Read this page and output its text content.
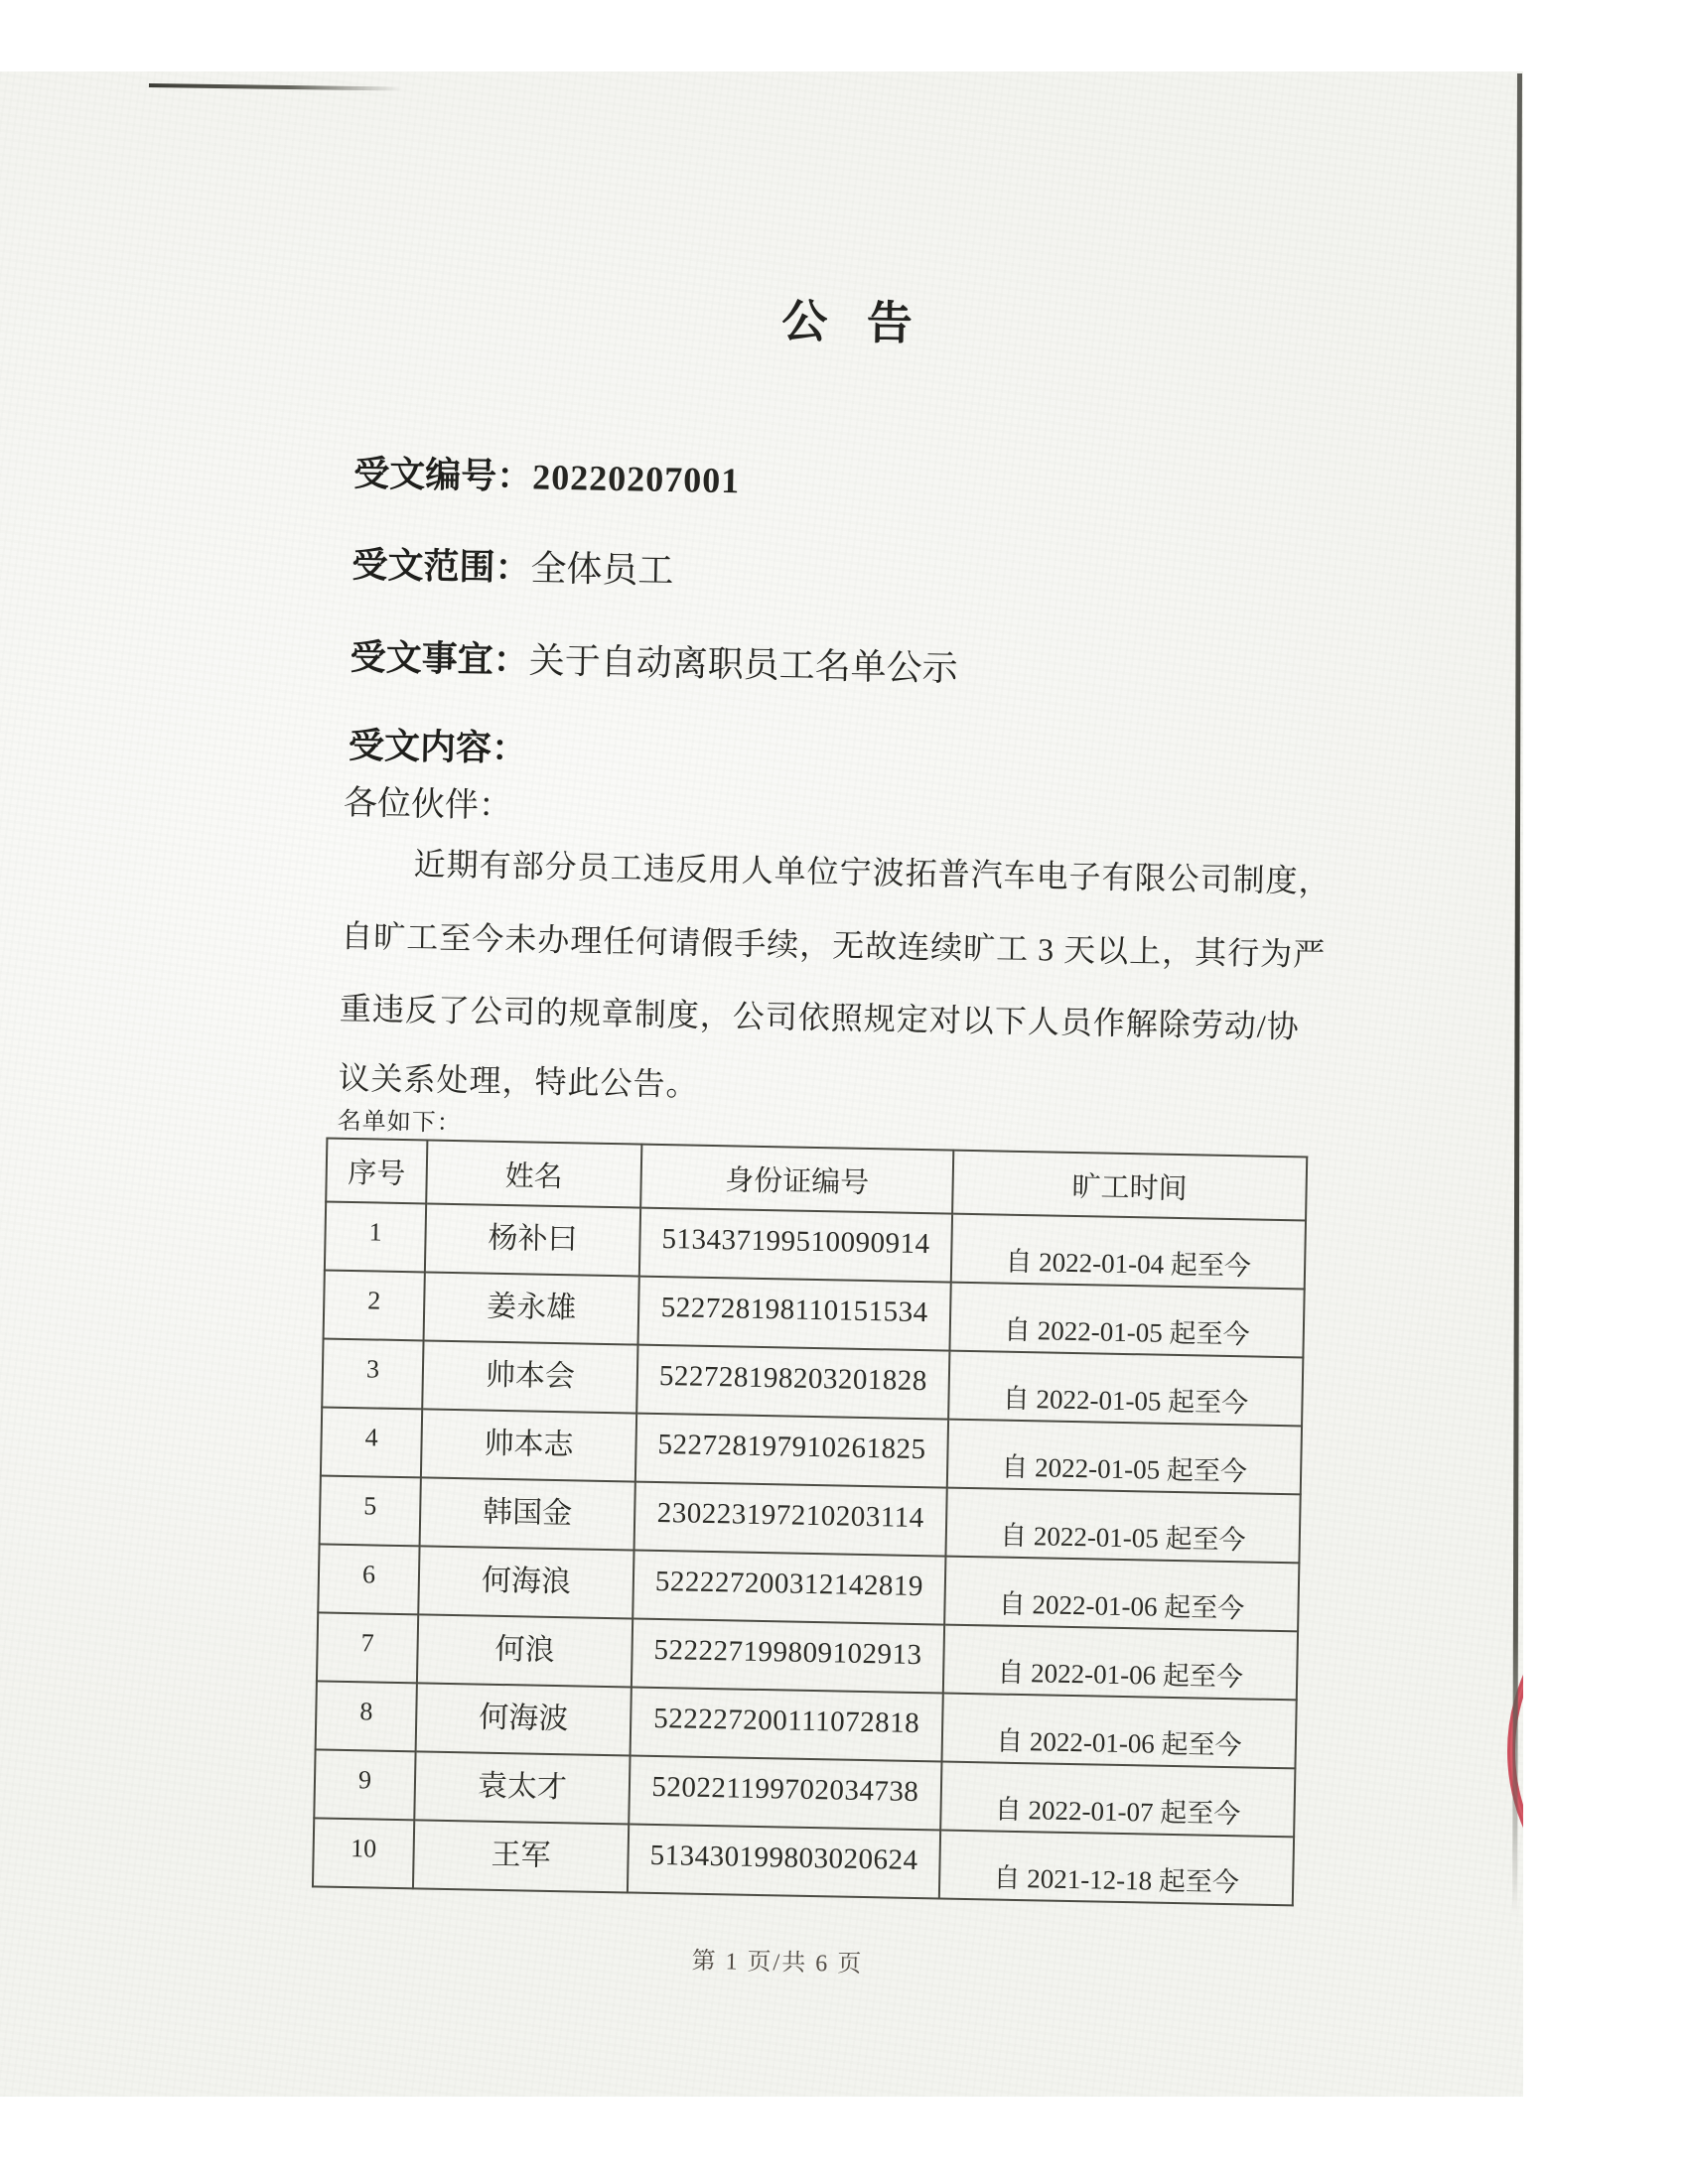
公 告
受文编号：20220207001
受文范围：全体员工
受文事宜：关于自动离职员工名单公示
受文内容：
各位伙伴：
近期有部分员工违反用人单位宁波拓普汽车电子有限公司制度，
自旷工至今未办理任何请假手续，无故连续旷工 3 天以上，其行为严
重违反了公司的规章制度，公司依照规定对以下人员作解除劳动/协
议关系处理，特此公告。
名单如下：
序号	姓名	身份证编号	旷工时间
1	杨补曰	513437199510090914	自 2022-01-04 起至今
2	姜永雄	522728198110151534	自 2022-01-05 起至今
3	帅本会	522728198203201828	自 2022-01-05 起至今
4	帅本志	522728197910261825	自 2022-01-05 起至今
5	韩国金	230223197210203114	自 2022-01-05 起至今
6	何海浪	522227200312142819	自 2022-01-06 起至今
7	何浪	522227199809102913	自 2022-01-06 起至今
8	何海波	522227200111072818	自 2022-01-06 起至今
9	袁太才	520221199702034738	自 2022-01-07 起至今
10	王军	513430199803020624	自 2021-12-18 起至今
第 1 页/共 6 页
